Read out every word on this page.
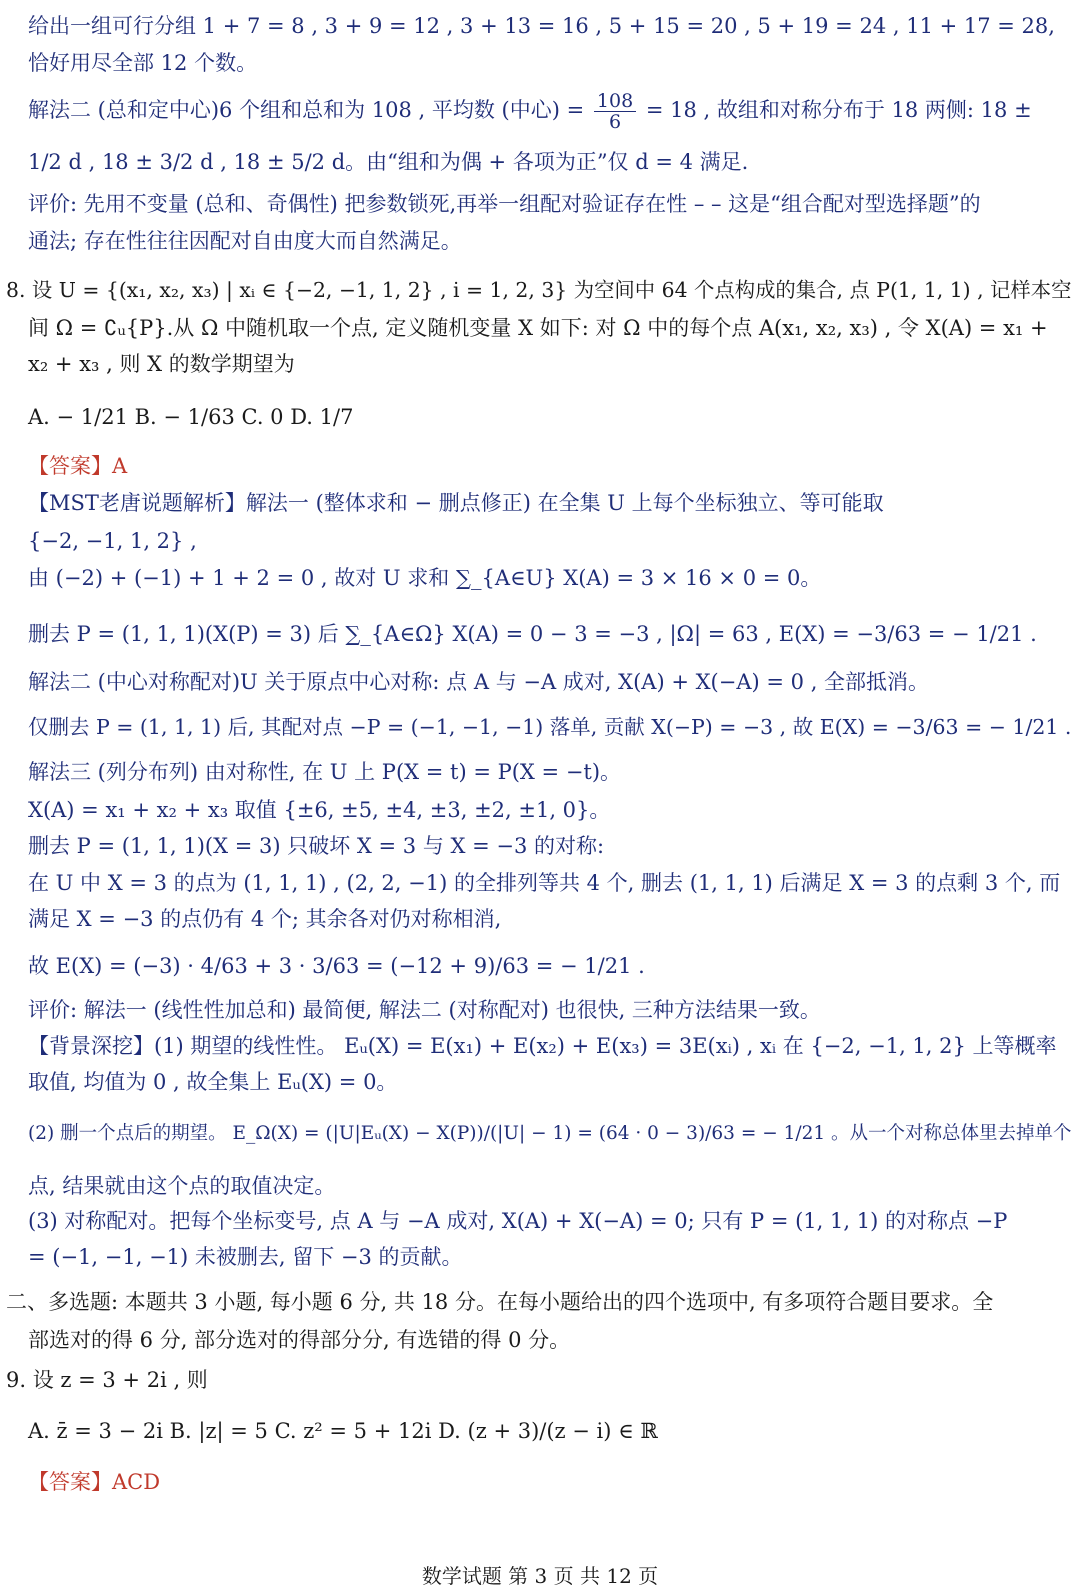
给出一组可行分组 1 + 7 = 8 , 3 + 9 = 12 , 3 + 13 = 16 , 5 + 15 = 20 , 5 + 19 = 24 , 11 + 17 = 28,
恰好用尽全部 12 个数。
解法二 (总和定中心)6 个组和总和为 108 , 平均数 (中心) = $\frac{108}{6} = 18$ , 故组和对称分布于 18 两侧: 18 ±
1/2 d , 18 ± 3/2 d , 18 ± 5/2 d。由“组和为偶 + 各项为正”仅 d = 4 满足.
评价: 先用不变量 (总和、奇偶性) 把参数锁死,再举一组配对验证存在性 – – 这是“组合配对型选择题”的
通法; 存在性往往因配对自由度大而自然满足。
8. 设 U = {(x₁, x₂, x₃) | xᵢ ∈ {−2, −1, 1, 2} , i = 1, 2, 3} 为空间中 64 个点构成的集合, 点 P(1, 1, 1) , 记样本空
间 Ω = ∁ᵤ{P}.从 Ω 中随机取一个点, 定义随机变量 X 如下: 对 Ω 中的每个点 A(x₁, x₂, x₃) , 令 X(A) = x₁ +
x₂ + x₃ , 则 X 的数学期望为
A. − 1/21 B. − 1/63 C. 0 D. 1/7
【答案】A
【MST老唐说题解析】解法一 (整体求和 − 删点修正) 在全集 U 上每个坐标独立、等可能取
{−2, −1, 1, 2} ,
由 (−2) + (−1) + 1 + 2 = 0 , 故对 U 求和 ∑_{A∈U} X(A) = 3 × 16 × 0 = 0。
删去 P = (1, 1, 1)(X(P) = 3) 后 ∑_{A∈Ω} X(A) = 0 − 3 = −3 , |Ω| = 63 , E(X) = −3/63 = − 1/21 .
解法二 (中心对称配对)U 关于原点中心对称: 点 A 与 −A 成对, X(A) + X(−A) = 0 , 全部抵消。
仅删去 P = (1, 1, 1) 后, 其配对点 −P = (−1, −1, −1) 落单, 贡献 X(−P) = −3 , 故 E(X) = −3/63 = − 1/21 .
解法三 (列分布列) 由对称性, 在 U 上 P(X = t) = P(X = −t)。
X(A) = x₁ + x₂ + x₃ 取值 {±6, ±5, ±4, ±3, ±2, ±1, 0}。
删去 P = (1, 1, 1)(X = 3) 只破坏 X = 3 与 X = −3 的对称:
在 U 中 X = 3 的点为 (1, 1, 1) , (2, 2, −1) 的全排列等共 4 个, 删去 (1, 1, 1) 后满足 X = 3 的点剩 3 个, 而
满足 X = −3 的点仍有 4 个; 其余各对仍对称相消,
故 E(X) = (−3) · 4/63 + 3 · 3/63 = (−12 + 9)/63 = − 1/21 .
评价: 解法一 (线性性加总和) 最简便, 解法二 (对称配对) 也很快, 三种方法结果一致。
【背景深挖】(1) 期望的线性性。 Eᵤ(X) = E(x₁) + E(x₂) + E(x₃) = 3E(xᵢ) , xᵢ 在 {−2, −1, 1, 2} 上等概率
取值, 均值为 0 , 故全集上 Eᵤ(X) = 0。
(2) 删一个点后的期望。 E_Ω(X) = (|U|Eᵤ(X) − X(P))/(|U| − 1) = (64 · 0 − 3)/63 = − 1/21 。从一个对称总体里去掉单个
点, 结果就由这个点的取值决定。
(3) 对称配对。把每个坐标变号, 点 A 与 −A 成对, X(A) + X(−A) = 0; 只有 P = (1, 1, 1) 的对称点 −P
= (−1, −1, −1) 未被删去, 留下 −3 的贡献。
二、多选题: 本题共 3 小题, 每小题 6 分, 共 18 分。在每小题给出的四个选项中, 有多项符合题目要求。全
部选对的得 6 分, 部分选对的得部分分, 有选错的得 0 分。
9. 设 z = 3 + 2i , 则
A. z̄ = 3 − 2i B. |z| = 5 C. z² = 5 + 12i D. (z + 3)/(z − i) ∈ ℝ
【答案】ACD
数学试题 第 3 页 共 12 页
